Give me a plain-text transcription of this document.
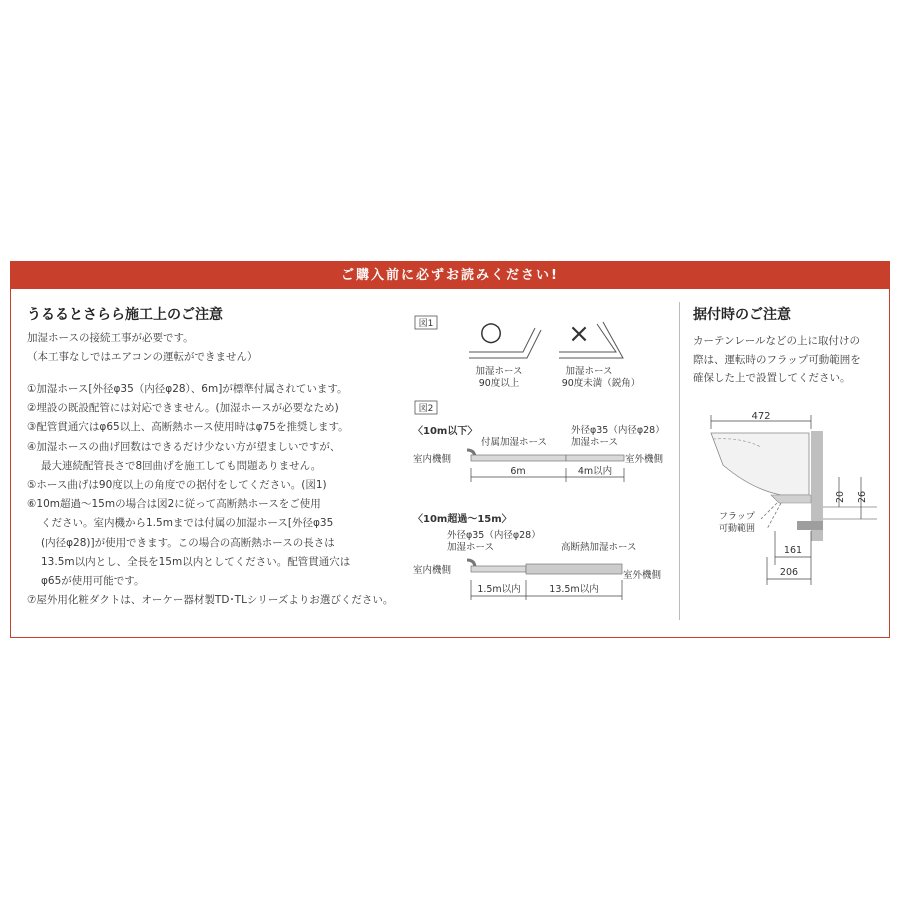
ご購入前に必ずお読みください!
うるるとさらら施工上のご注意
加湿ホースの接続工事が必要です。
（本工事なしではエアコンの運転ができません）
①加湿ホース[外径φ35（内径φ28）、6m]が標準付属されています。
②埋設の既設配管には対応できません。(加湿ホースが必要なため)
③配管貫通穴はφ65以上、高断熱ホース使用時はφ75を推奨します。
④加湿ホースの曲げ回数はできるだけ少ない方が望ましいですが、
最大連続配管長さで8回曲げを施工しても問題ありません。
⑤ホース曲げは90度以上の角度での据付をしてください。(図1)
⑥10m超過～15mの場合は図2に従って高断熱ホースをご使用
ください。室内機から1.5mまでは付属の加湿ホース[外径φ35
(内径φ28)]が使用できます。この場合の高断熱ホースの長さは
13.5m以内とし、全長を15m以内としてください。配管貫通穴は
φ65が使用可能です。
⑦屋外用化粧ダクトは、オーケー器材製TD･TLシリーズよりお選びください。
図1 ○
加湿ホース
90度以上
×
加湿ホース
90度未満（鋭角）
図2
〈10m以下〉
付属加湿ホース
外径φ35（内径φ28）
加湿ホース
室内機側	室外機側
6m	4m以内
〈10m超過～15m〉
外径φ35（内径φ28）
加湿ホース	高断熱加湿ホース
室内機側	室外機側
1.5m以内	13.5m以内
据付時のご注意
カーテンレールなどの上に取付けの
際は、運転時のフラップ可動範囲を
確保した上で設置してください。
472
20 26
フラップ
可動範囲
161
206
